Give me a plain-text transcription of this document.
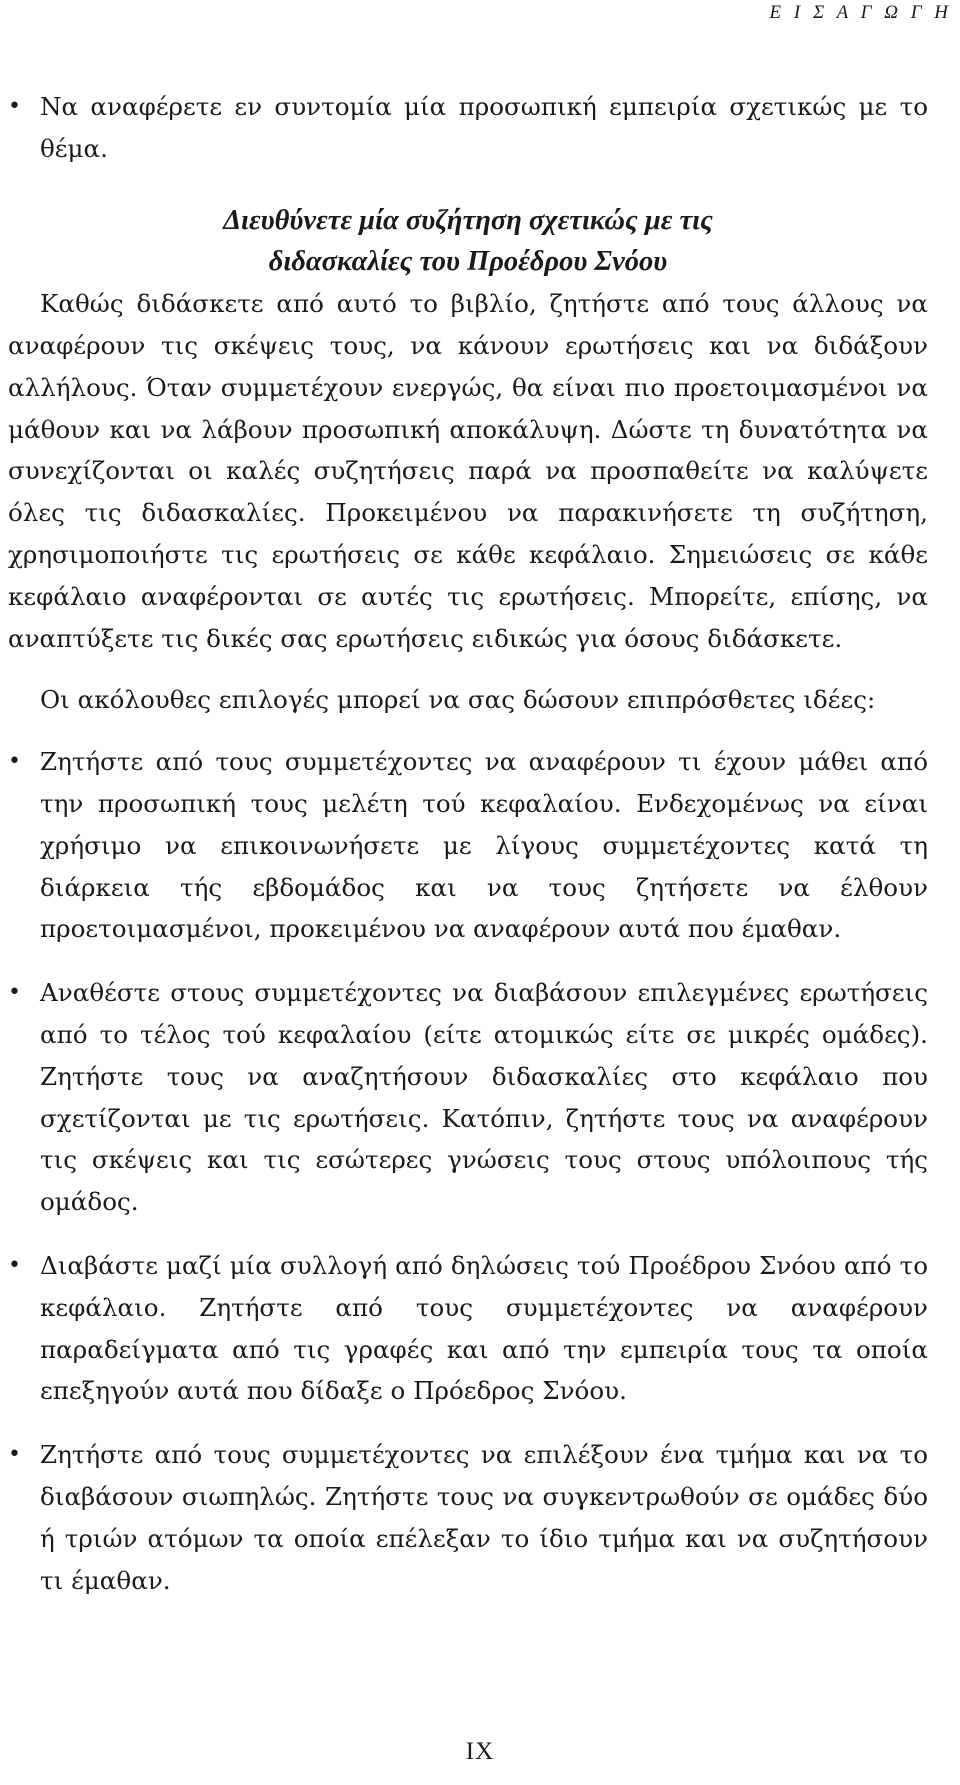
Ε Ι Σ Α Γ Ω Γ Η

• Να αναφέρετε εν συντομία μία προσωπική εμπειρία σχετικώς με το θέμα.

Διευθύνετε μία συζήτηση σχετικώς με τις διδασκαλίες του Προέδρου Σνόου

Καθώς διδάσκετε από αυτό το βιβλίο, ζητήστε από τους άλλους να αναφέρουν τις σκέψεις τους, να κάνουν ερωτήσεις και να διδάξουν αλλήλους. Όταν συμμετέχουν ενεργώς, θα είναι πιο προετοιμασμένοι να μάθουν και να λάβουν προσωπική αποκάλυψη. Δώστε τη δυνατότητα να συνεχίζονται οι καλές συζητήσεις παρά να προσπαθείτε να καλύψετε όλες τις διδασκαλίες. Προκειμένου να παρακινήσετε τη συζήτηση, χρησιμοποιήστε τις ερωτήσεις σε κάθε κεφάλαιο. Σημειώσεις σε κάθε κεφάλαιο αναφέρονται σε αυτές τις ερωτήσεις. Μπορείτε, επίσης, να αναπτύξετε τις δικές σας ερωτήσεις ειδικώς για όσους διδάσκετε.

Οι ακόλουθες επιλογές μπορεί να σας δώσουν επιπρόσθετες ιδέες:

• Ζητήστε από τους συμμετέχοντες να αναφέρουν τι έχουν μάθει από την προσωπική τους μελέτη τού κεφαλαίου. Ενδεχομένως να είναι χρήσιμο να επικοινωνήσετε με λίγους συμμετέχοντες κατά τη διάρκεια τής εβδομάδος και να τους ζητήσετε να έλθουν προετοιμασμένοι, προκειμένου να αναφέρουν αυτά που έμαθαν.

• Αναθέστε στους συμμετέχοντες να διαβάσουν επιλεγμένες ερωτήσεις από το τέλος τού κεφαλαίου (είτε ατομικώς είτε σε μικρές ομάδες). Ζητήστε τους να αναζητήσουν διδασκαλίες στο κεφάλαιο που σχετίζονται με τις ερωτήσεις. Κατόπιν, ζητήστε τους να αναφέρουν τις σκέψεις και τις εσώτερες γνώσεις τους στους υπόλοιπους τής ομάδος.

• Διαβάστε μαζί μία συλλογή από δηλώσεις τού Προέδρου Σνόου από το κεφάλαιο. Ζητήστε από τους συμμετέχοντες να αναφέρουν παραδείγματα από τις γραφές και από την εμπειρία τους τα οποία επεξηγούν αυτά που δίδαξε ο Πρόεδρος Σνόου.

• Ζητήστε από τους συμμετέχοντες να επιλέξουν ένα τμήμα και να το διαβάσουν σιωπηλώς. Ζητήστε τους να συγκεντρωθούν σε ομάδες δύο ή τριών ατόμων τα οποία επέλεξαν το ίδιο τμήμα και να συζητήσουν τι έμαθαν.

IX
